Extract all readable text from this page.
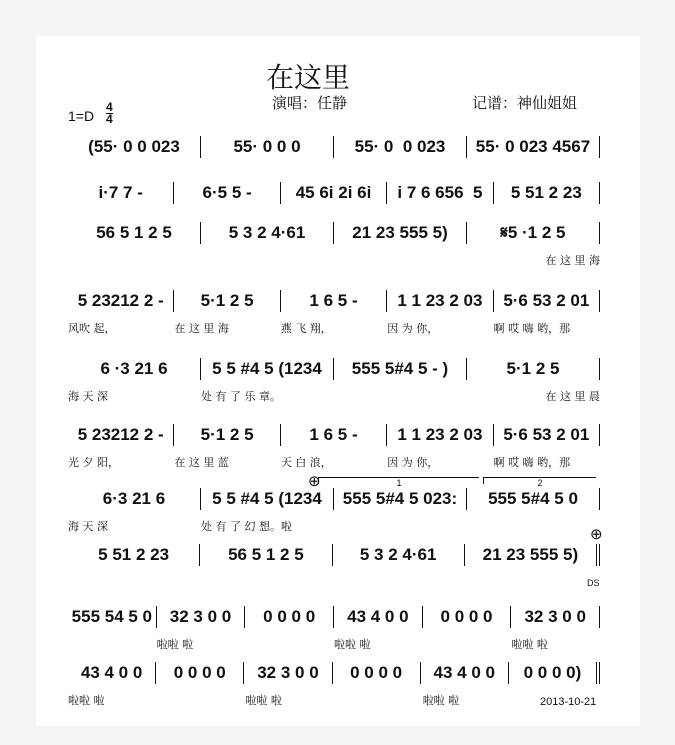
在这里
演唱：任静	记谱：神仙姐姐
$1=D \frac{4}{4}$
(55· 0 0 023	55· 0 0 0	55· 0  0 023	55· 0 023 4567
i·7 7 -	6·5 5 -	45 6i 2i 6i	i 7 6 656  5	5 51 2 23
56 5 1 2 5	5 3 2 4·61	21 23 555 5)	𝄋5 ·1 2 5
在 这 里 海
5 23212 2 -	5·1 2 5	1 6 5 -	1 1 23 2 03	5·6 53 2 01
风吹 起，	在 这 里 海	燕 飞 翔，	因 为 你，	啊 哎 嗨 哟，那
6 ·3 21 6	5 5 #4 5 (1234	555 5#4 5 - )	5·1 2 5
海 天 深	处 有 了 乐 章。	在 这 里 晨
5 23212 2 -	5·1 2 5	1 6 5 -	1 1 23 2 03	5·6 53 2 01
光 夕 阳，	在 这 里 蓝	天 白 浪，	因 为 你，	啊 哎 嗨 哟，那
6·3 21 6	5 5 #4 5 (1234	555 5#4 5 023:	555 5#4 5 0
海 天 深	处 有 了 幻 想。啦
5 51 2 23	56 5 1 2 5	5 3 2 4·61	21 23 555 5)
555 54 5 0	32 3 0 0	0 0 0 0	43 4 0 0	0 0 0 0	32 3 0 0
啦啦 啦	啦啦 啦	啦啦 啦
43 4 0 0	0 0 0 0	32 3 0 0	0 0 0 0	43 4 0 0	0 0 0 0)
啦啦 啦	啦啦 啦	啦啦 啦
1	2
⊕
⊕
DS
2013-10-21
